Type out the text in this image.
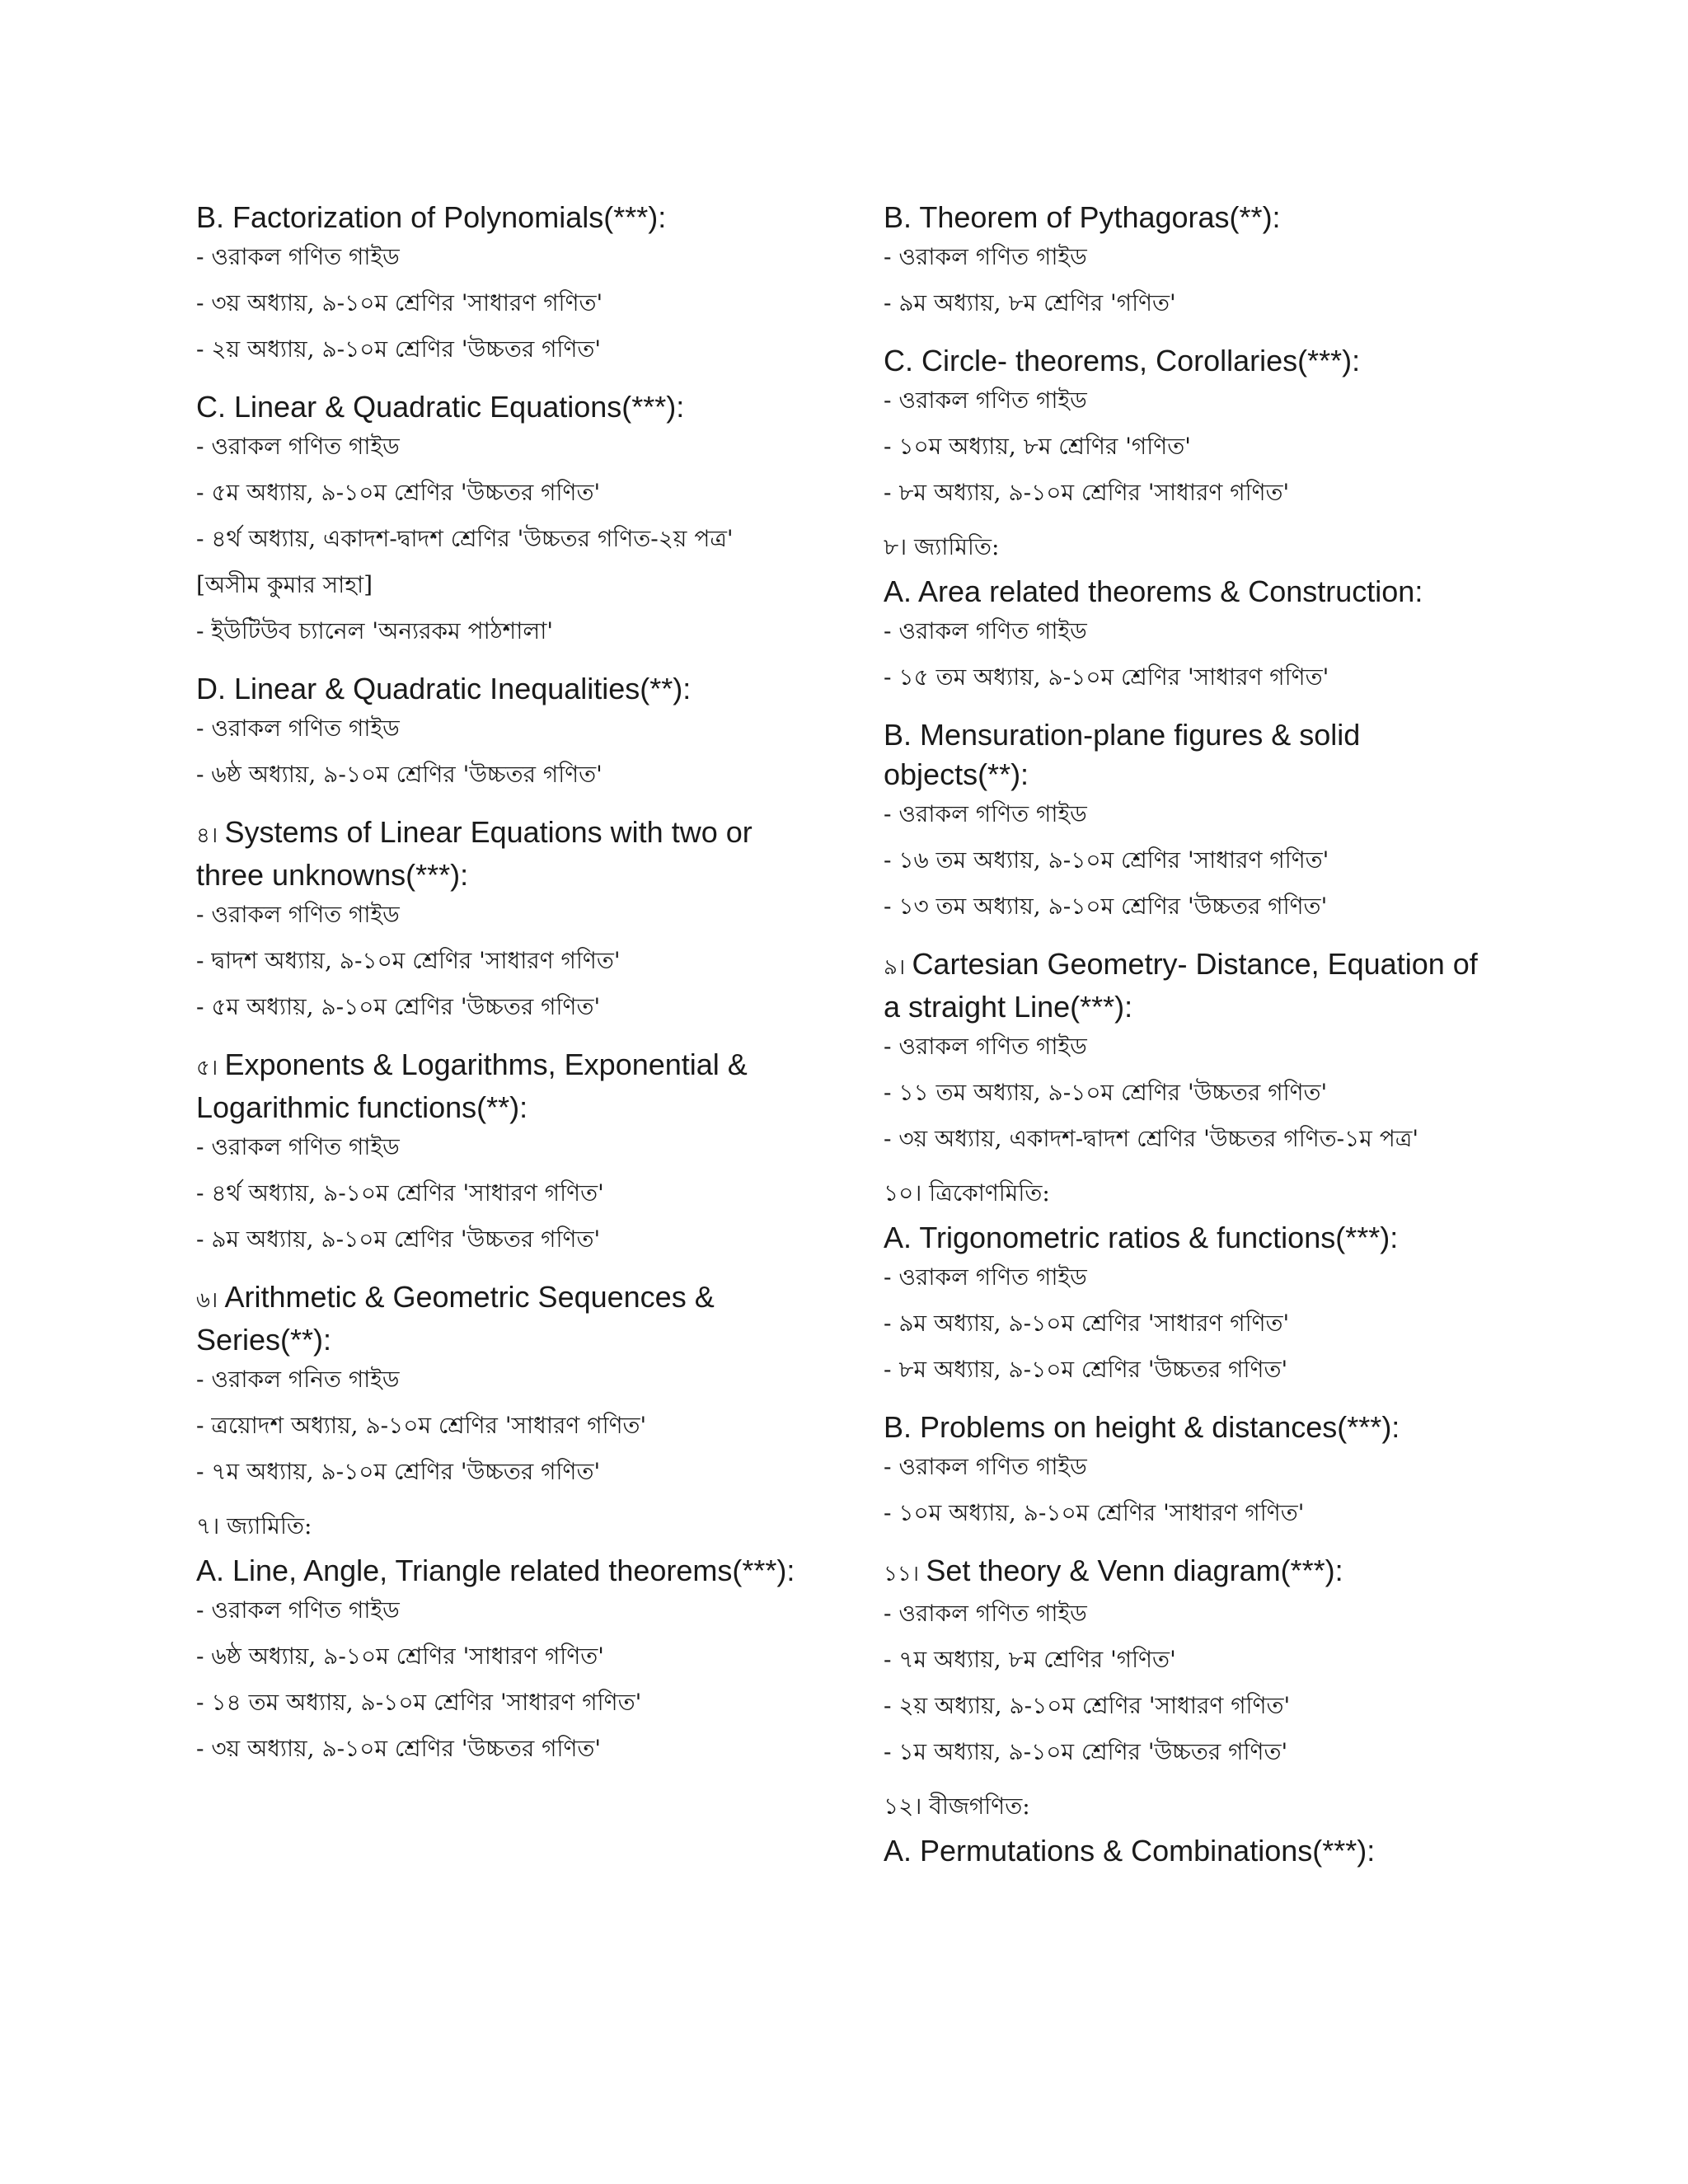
B. Factorization of Polynomials(***):
- ওরাকল গণিত গাইড
- ৩য় অধ্যায়, ৯-১০ম শ্রেণির 'সাধারণ গণিত'
- ২য় অধ্যায়, ৯-১০ম শ্রেণির 'উচ্চতর গণিত'
C. Linear & Quadratic Equations(***):
- ওরাকল গণিত গাইড
- ৫ম অধ্যায়, ৯-১০ম শ্রেণির 'উচ্চতর গণিত'
- ৪র্থ অধ্যায়, একাদশ-দ্বাদশ শ্রেণির 'উচ্চতর গণিত-২য় পত্র'
[অসীম কুমার সাহা]
- ইউটিউব চ্যানেল 'অন্যরকম পাঠশালা'
D. Linear & Quadratic Inequalities(**):
- ওরাকল গণিত গাইড
- ৬ষ্ঠ অধ্যায়, ৯-১০ম শ্রেণির 'উচ্চতর গণিত'
৪। Systems of Linear Equations with two or three unknowns(***):
- ওরাকল গণিত গাইড
- দ্বাদশ অধ্যায়, ৯-১০ম শ্রেণির 'সাধারণ গণিত'
- ৫ম অধ্যায়, ৯-১০ম শ্রেণির 'উচ্চতর গণিত'
৫। Exponents & Logarithms, Exponential & Logarithmic functions(**):
- ওরাকল গণিত গাইড
- ৪র্থ অধ্যায়, ৯-১০ম শ্রেণির 'সাধারণ গণিত'
- ৯ম অধ্যায়, ৯-১০ম শ্রেণির 'উচ্চতর গণিত'
৬। Arithmetic & Geometric Sequences & Series(**):
- ওরাকল গনিত গাইড
- ত্রয়োদশ অধ্যায়, ৯-১০ম শ্রেণির 'সাধারণ গণিত'
- ৭ম অধ্যায়, ৯-১০ম শ্রেণির 'উচ্চতর গণিত'
৭। জ্যামিতি:
A. Line, Angle, Triangle related theorems(***):
- ওরাকল গণিত গাইড
- ৬ষ্ঠ অধ্যায়, ৯-১০ম শ্রেণির 'সাধারণ গণিত'
- ১৪ তম অধ্যায়, ৯-১০ম শ্রেণির 'সাধারণ গণিত'
- ৩য় অধ্যায়, ৯-১০ম শ্রেণির 'উচ্চতর গণিত'
B. Theorem of Pythagoras(**):
- ওরাকল গণিত গাইড
- ৯ম অধ্যায়, ৮ম শ্রেণির 'গণিত'
C. Circle- theorems, Corollaries(***):
- ওরাকল গণিত গাইড
- ১০ম অধ্যায়, ৮ম শ্রেণির 'গণিত'
- ৮ম অধ্যায়, ৯-১০ম শ্রেণির 'সাধারণ গণিত'
৮। জ্যামিতি:
A. Area related theorems & Construction:
- ওরাকল গণিত গাইড
- ১৫ তম অধ্যায়, ৯-১০ম শ্রেণির 'সাধারণ গণিত'
B. Mensuration-plane figures & solid objects(**):
- ওরাকল গণিত গাইড
- ১৬ তম অধ্যায়, ৯-১০ম শ্রেণির 'সাধারণ গণিত'
- ১৩ তম অধ্যায়, ৯-১০ম শ্রেণির 'উচ্চতর গণিত'
৯। Cartesian Geometry- Distance, Equation of a straight Line(***):
- ওরাকল গণিত গাইড
- ১১ তম অধ্যায়, ৯-১০ম শ্রেণির 'উচ্চতর গণিত'
- ৩য় অধ্যায়, একাদশ-দ্বাদশ শ্রেণির 'উচ্চতর গণিত-১ম পত্র'
১০। ত্রিকোণমিতি:
A. Trigonometric ratios & functions(***):
- ওরাকল গণিত গাইড
- ৯ম অধ্যায়, ৯-১০ম শ্রেণির 'সাধারণ গণিত'
- ৮ম অধ্যায়, ৯-১০ম শ্রেণির 'উচ্চতর গণিত'
B. Problems on height & distances(***):
- ওরাকল গণিত গাইড
- ১০ম অধ্যায়, ৯-১০ম শ্রেণির 'সাধারণ গণিত'
১১। Set theory & Venn diagram(***):
- ওরাকল গণিত গাইড
- ৭ম অধ্যায়, ৮ম শ্রেণির 'গণিত'
- ২য় অধ্যায়, ৯-১০ম শ্রেণির 'সাধারণ গণিত'
- ১ম অধ্যায়, ৯-১০ম শ্রেণির 'উচ্চতর গণিত'
১২। বীজগণিত:
A. Permutations & Combinations(***):
